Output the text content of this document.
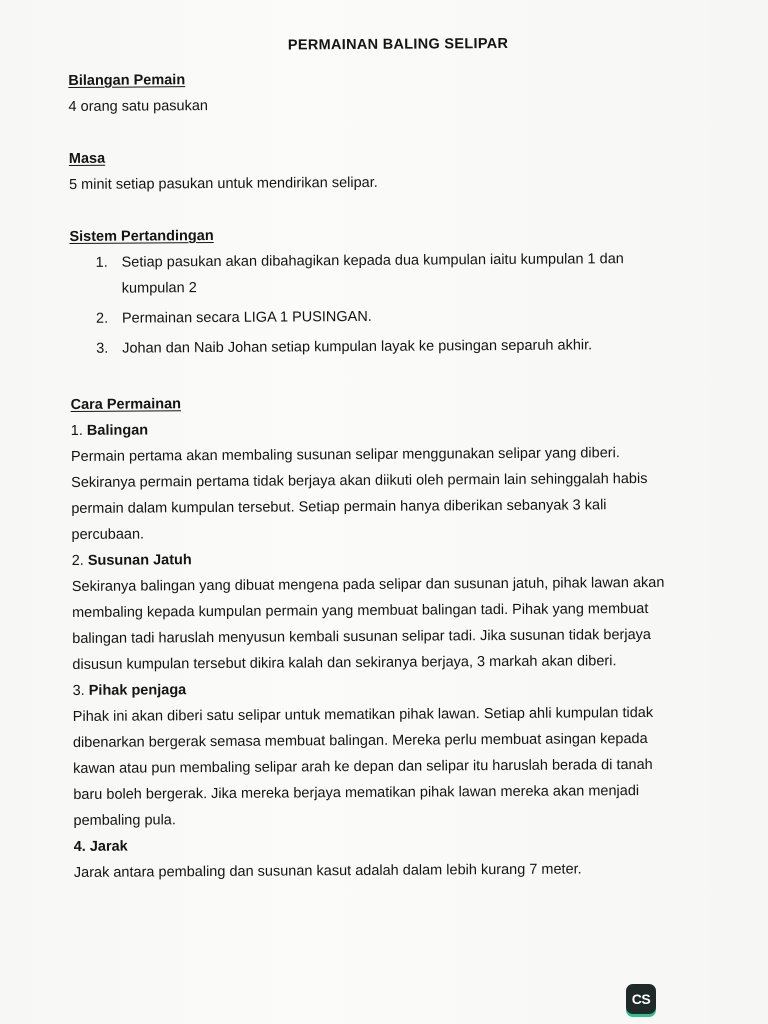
PERMAINAN BALING SELIPAR
Bilangan Pemain

4 orang satu pasukan

Masa

5 minit setiap pasukan untuk mendirikan selipar.

Sistem Pertandingan
1. Setiap pasukan akan dibahagikan kepada dua kumpulan iaitu kumpulan 1 dan kumpulan 2
2. Permainan secara LIGA 1 PUSINGAN.
3. Johan dan Naib Johan setiap kumpulan layak ke pusingan separuh akhir.
Cara Permainan

1. Balingan

Permain pertama akan membaling susunan selipar menggunakan selipar yang diberi. Sekiranya permain pertama tidak berjaya akan diikuti oleh permain lain sehinggalah habis permain dalam kumpulan tersebut. Setiap permain hanya diberikan sebanyak 3 kali percubaan.

2. Susunan Jatuh

Sekiranya balingan yang dibuat mengena pada selipar dan susunan jatuh, pihak lawan akan membaling kepada kumpulan permain yang membuat balingan tadi. Pihak yang membuat balingan tadi haruslah menyusun kembali susunan selipar tadi. Jika susunan tidak berjaya disusun kumpulan tersebut dikira kalah dan sekiranya berjaya, 3 markah akan diberi.

3. Pihak penjaga

Pihak ini akan diberi satu selipar untuk mematikan pihak lawan. Setiap ahli kumpulan tidak dibenarkan bergerak semasa membuat balingan. Mereka perlu membuat asingan kepada kawan atau pun membaling selipar arah ke depan dan selipar itu haruslah berada di tanah baru boleh bergerak. Jika mereka berjaya mematikan pihak lawan mereka akan menjadi pembaling pula.

4. Jarak

Jarak antara pembaling dan susunan kasut adalah dalam lebih kurang 7 meter.

CS
